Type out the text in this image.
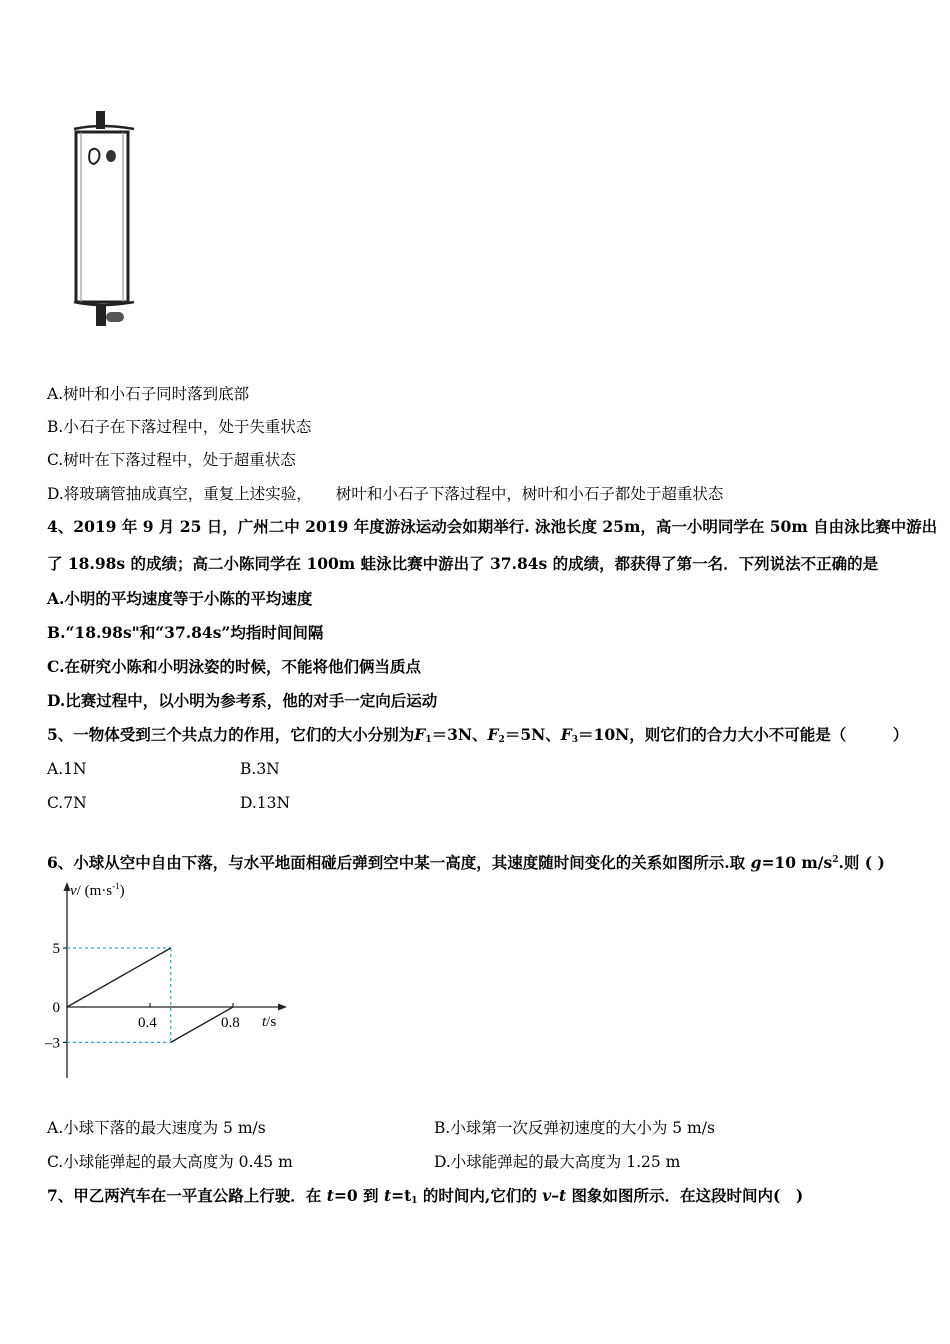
A.树叶和小石子同时落到底部
B.小石子在下落过程中，处于失重状态
C.树叶在下落过程中，处于超重状态
D.将玻璃管抽成真空，重复上述实验， 树叶和小石子下落过程中，树叶和小石子都处于超重状态
4、2019 年 9 月 25 日，广州二中 2019 年度游泳运动会如期举行. 泳池长度 25m，高一小明同学在 50m 自由泳比赛中游出
了 18.98s 的成绩；高二小陈同学在 100m 蛙泳比赛中游出了 37.84s 的成绩，都获得了第一名．下列说法不正确的是
A.小明的平均速度等于小陈的平均速度
B.“18.98s"和“37.84s”均指时间间隔
C.在研究小陈和小明泳姿的时候，不能将他们俩当质点
D.比赛过程中，以小明为参考系，他的对手一定向后运动
5、一物体受到三个共点力的作用，它们的大小分别为$F_1=3N$、$F_2=5N$、$F_3=10N$，则它们的合力大小不可能是（　　　）
A.1N	B.3N
C.7N	D.13N
6、小球从空中自由下落，与水平地面相碰后弹到空中某一高度，其速度随时间变化的关系如图所示.取 g=10 $m/s^2$.则 ( )
5
0
–3
0.4	0.8
v/ $(m\cdot s^{-1})$
t/s
A.小球下落的最大速度为 5 m/s	B.小球第一次反弹初速度的大小为 5 m/s
C.小球能弹起的最大高度为 0.45 m	D.小球能弹起的最大高度为 1.25 m
7、甲乙两汽车在一平直公路上行驶．在 t=0 到 $t=t_1$ 的时间内,它们的 v–t 图象如图所示．在这段时间内(　)
